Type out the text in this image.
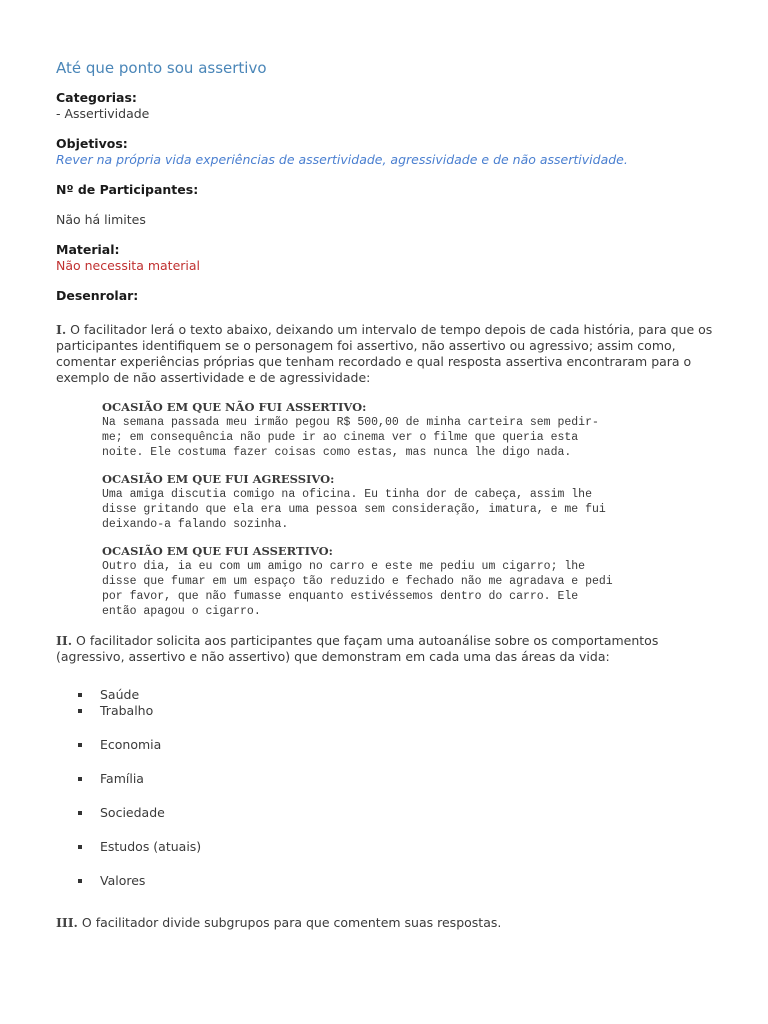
Até que ponto sou assertivo
Categorias:
- Assertividade
Objetivos:
Rever na própria vida experiências de assertividade, agressividade e de não assertividade.
Nº de Participantes:
Não há limites
Material:
Não necessita material
Desenrolar:

I. O facilitador lerá o texto abaixo, deixando um intervalo de tempo depois de cada história, para que os participantes identifiquem se o personagem foi assertivo, não assertivo ou agressivo; assim como, comentar experiências próprias que tenham recordado e qual resposta assertiva encontraram para o exemplo de não assertividade e de agressividade:

OCASIÃO EM QUE NÃO FUI ASSERTIVO:
Na semana passada meu irmão pegou R$ 500,00 de minha carteira sem pedir-
me; em consequência não pude ir ao cinema ver o filme que queria esta
noite. Ele costuma fazer coisas como estas, mas nunca lhe digo nada.
OCASIÃO EM QUE FUI AGRESSIVO:
Uma amiga discutia comigo na oficina. Eu tinha dor de cabeça, assim lhe
disse gritando que ela era uma pessoa sem consideração, imatura, e me fui
deixando-a falando sozinha.
OCASIÃO EM QUE FUI ASSERTIVO:
Outro dia, ia eu com um amigo no carro e este me pediu um cigarro; lhe
disse que fumar em um espaço tão reduzido e fechado não me agradava e pedi
por favor, que não fumasse enquanto estivéssemos dentro do carro. Ele
então apagou o cigarro.

II. O facilitador solicita aos participantes que façam uma autoanálise sobre os comportamentos (agressivo, assertivo e não assertivo) que demonstram em cada uma das áreas da vida:

Saúde
Trabalho
Economia
Família
Sociedade
Estudos (atuais)
Valores

III. O facilitador divide subgrupos para que comentem suas respostas.
